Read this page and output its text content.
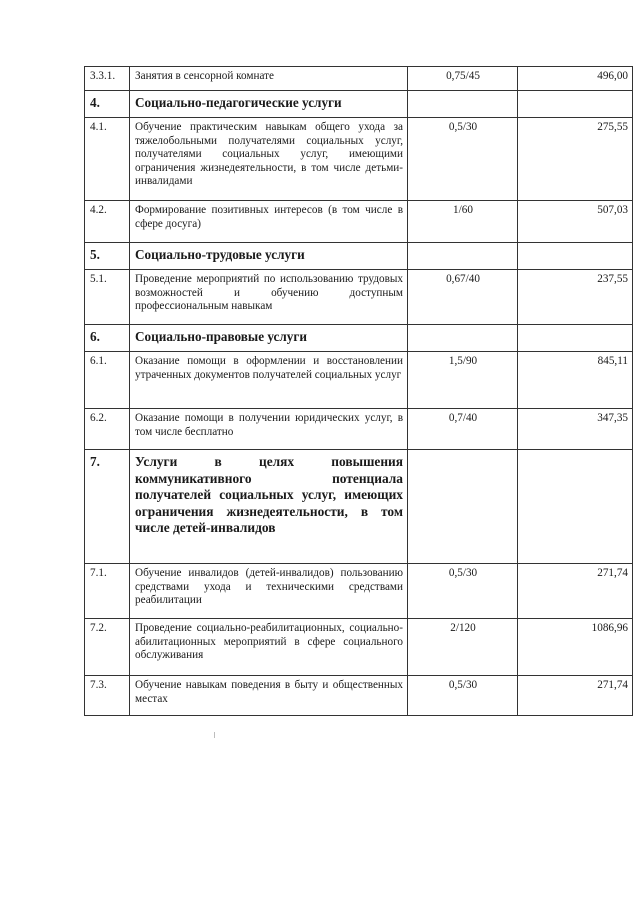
3.3.1.	Занятия в сенсорной комнате	0,75/45	496,00
4.	Социально-педагогические услуги		
4.1.	Обучение практическим навыкам общего ухода за тяжелобольными получателями социальных услуг, получателями социальных услуг, имеющими ограничения жизнедеятельности, в том числе детьми-инвалидами	0,5/30	275,55
4.2.	Формирование позитивных интересов (в том числе в сфере досуга)	1/60	507,03
5.	Социально-трудовые услуги		
5.1.	Проведение мероприятий по использованию трудовых возможностей и обучению доступным профессиональным навыкам	0,67/40	237,55
6.	Социально-правовые услуги		
6.1.	Оказание помощи в оформлении и восстановлении утраченных документов получателей социальных услуг	1,5/90	845,11
6.2.	Оказание помощи в получении юридических услуг, в том числе бесплатно	0,7/40	347,35
7.	Услуги в целях повышения коммуникативного потенциала получателей социальных услуг, имеющих ограничения жизнедеятельности, в том числе детей-инвалидов		
7.1.	Обучение инвалидов (детей-инвалидов) пользованию средствами ухода и техническими средствами реабилитации	0,5/30	271,74
7.2.	Проведение социально-реабилитационных, социально-абилитационных мероприятий в сфере социального обслуживания	2/120	1086,96
7.3.	Обучение навыкам поведения в быту и общественных местах	0,5/30	271,74
